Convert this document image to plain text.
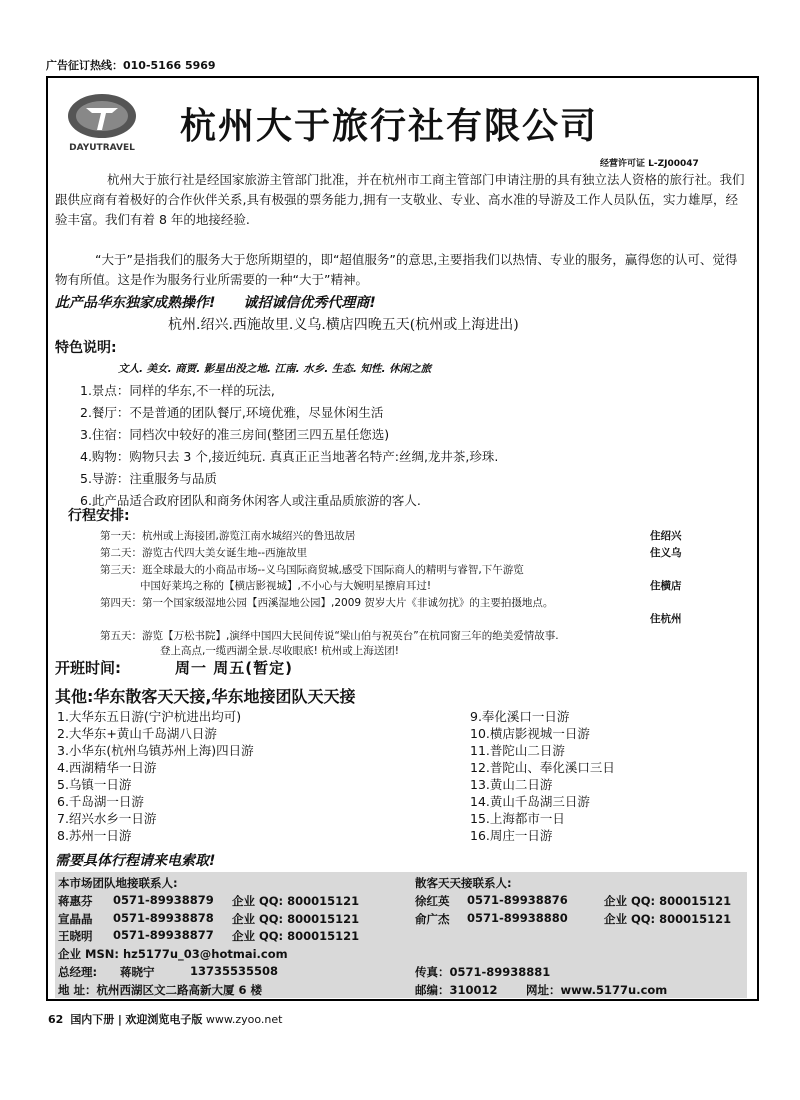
广告征订热线：010-5166 5969
DAYUTRAVEL
杭州大于旅行社有限公司
经营许可证 L-ZJ00047
杭州大于旅行社是经国家旅游主管部门批准，并在杭州市工商主管部门申请注册的具有独立法人资格的旅行社。我们跟供应商有着极好的合作伙伴关系,具有极强的票务能力,拥有一支敬业、专业、高水准的导游及工作人员队伍，实力雄厚，经验丰富。我们有着 8 年的地接经验.
“大于”是指我们的服务大于您所期望的，即“超值服务”的意思,主要指我们以热情、专业的服务，赢得您的认可、觉得物有所值。这是作为服务行业所需要的一种“大于”精神。
此产品华东独家成熟操作! 诚招诚信优秀代理商!
杭州.绍兴.西施故里.义乌.横店四晚五天(杭州或上海进出)
特色说明:
文人. 美女. 商贾. 影星出没之地. 江南. 水乡. 生态. 知性. 休闲之旅
1.景点：同样的华东,不一样的玩法,
2.餐厅：不是普通的团队餐厅,环境优雅，尽显休闲生活
3.住宿：同档次中较好的准三房间(整团三四五星任您选)
4.购物：购物只去 3 个,接近纯玩. 真真正正当地著名特产:丝绸,龙井茶,珍珠.
5.导游：注重服务与品质
6.此产品适合政府团队和商务休闲客人或注重品质旅游的客人.
行程安排:
第一天：杭州或上海接团,游览江南水城绍兴的鲁迅故居	住绍兴
第二天：游览古代四大美女诞生地--西施故里	住义乌
第三天：逛全球最大的小商品市场--义乌国际商贸城,感受下国际商人的精明与睿智,下午游览
中国好莱坞之称的【横店影视城】,不小心与大婉明星擦肩耳过!	住横店
第四天：第一个国家级湿地公园【西溪湿地公园】,2009 贺岁大片《非诚勿扰》的主要拍摄地点。
住杭州
第五天：游览【万松书院】,演绎中国四大民间传说“梁山伯与祝英台”在杭同窗三年的绝美爱情故事.
登上高点,一缆西湖全景.尽收眼底! 杭州或上海送团!
开班时间:	周一 周五(暂定)
其他:华东散客天天接,华东地接团队天天接
1.大华东五日游(宁沪杭进出均可)
2.大华东+黄山千岛湖八日游
3.小华东(杭州乌镇苏州上海)四日游
4.西湖精华一日游
5.乌镇一日游
6.千岛湖一日游
7.绍兴水乡一日游
8.苏州一日游
9.奉化溪口一日游
10.横店影视城一日游
11.普陀山二日游
12.普陀山、奉化溪口三日
13.黄山二日游
14.黄山千岛湖三日游
15.上海都市一日
16.周庄一日游
需要具体行程请来电索取!
本市场团队地接联系人:	散客天天接联系人:
蒋惠芬 0571-89938879 企业 QQ: 800015121
宣晶晶 0571-89938878 企业 QQ: 800015121
王晓明 0571-89938877 企业 QQ: 800015121
徐红英 0571-89938876	企业 QQ: 800015121
俞广杰 0571-89938880	企业 QQ: 800015121
企业 MSN: hz5177u_03@hotmai.com
总经理: 蒋晓宁	13735535508	传真：0571-89938881
地 址：杭州西湖区文二路高新大厦 6 楼	邮编：310012 网址：www.5177u.com
62 国内下册 | 欢迎浏览电子版 www.zyoo.net
